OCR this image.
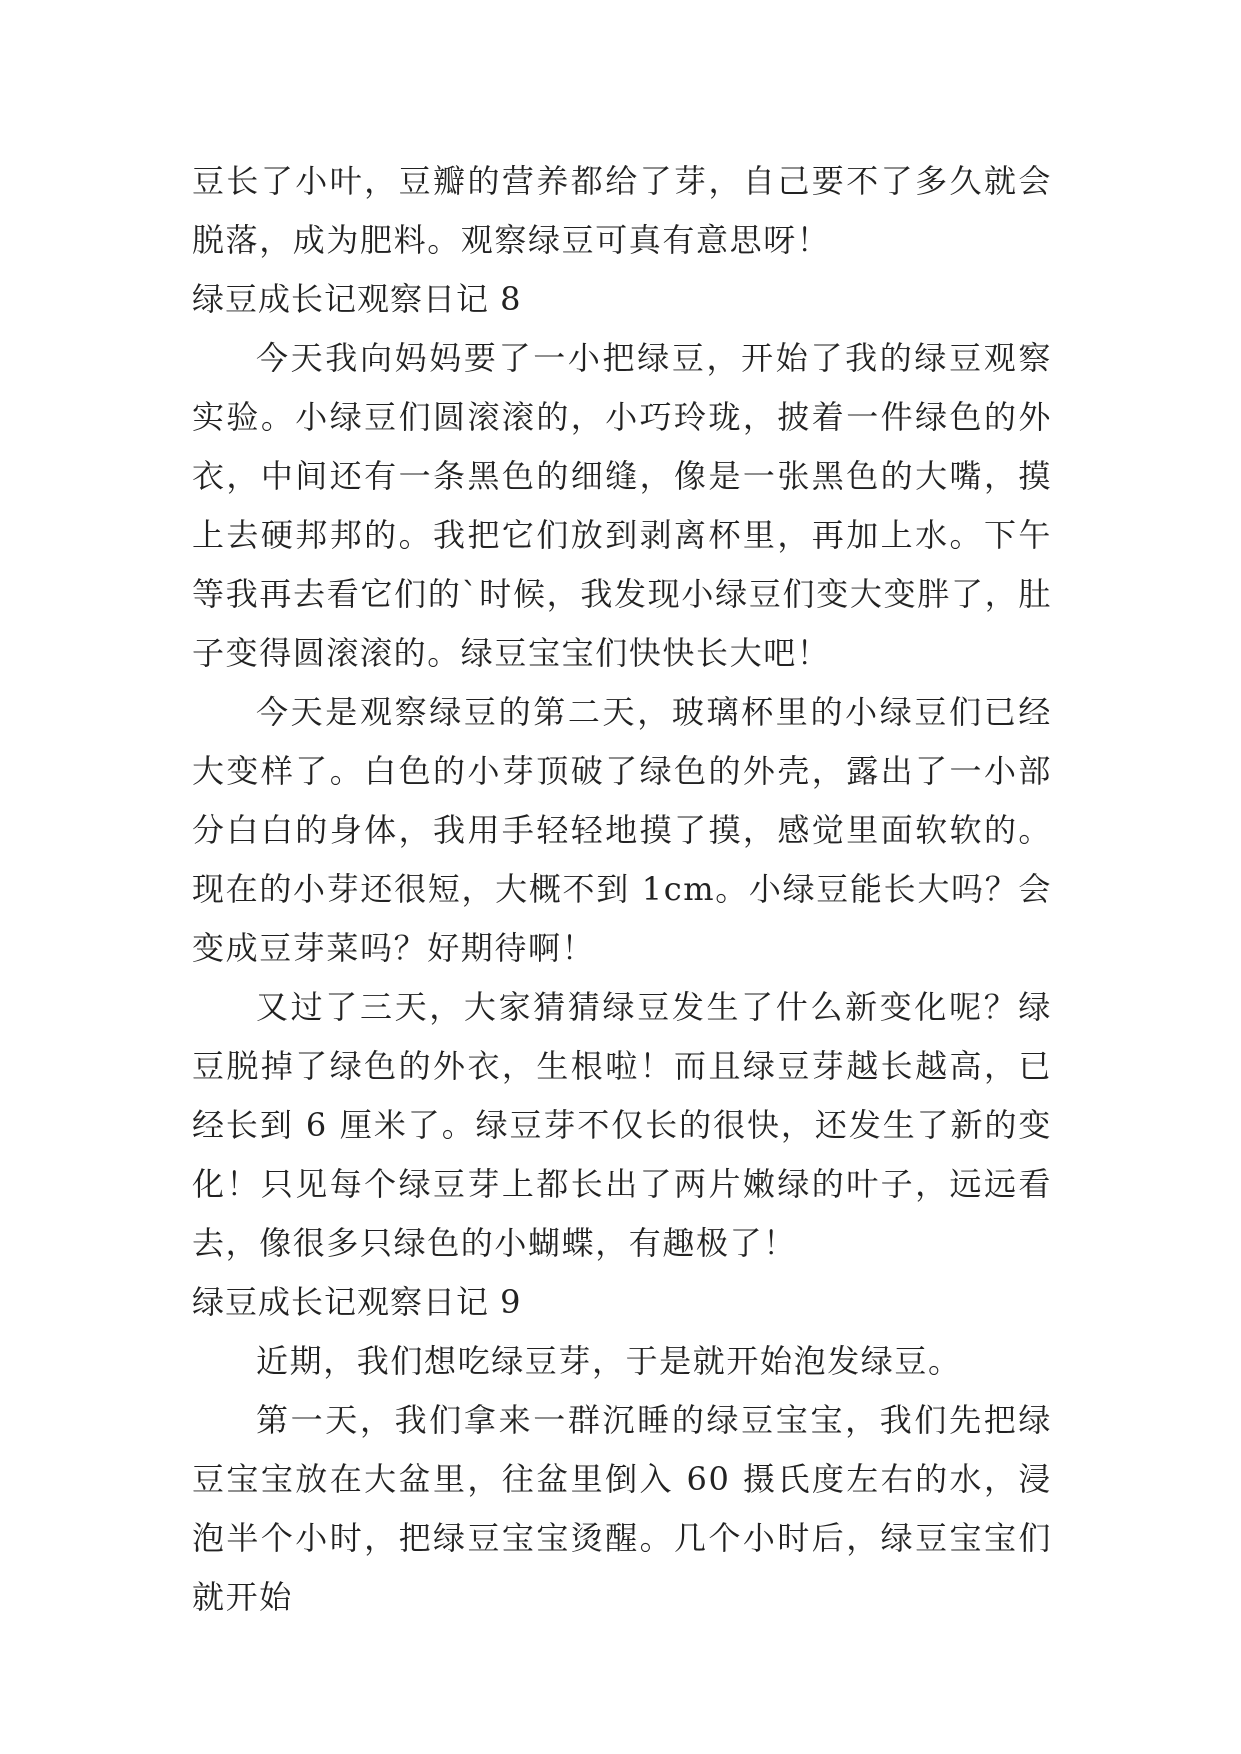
豆长了小叶，豆瓣的营养都给了芽，自己要不了多久就会脱落，成为肥料。观察绿豆可真有意思呀！

绿豆成长记观察日记 8

今天我向妈妈要了一小把绿豆，开始了我的绿豆观察实验。小绿豆们圆滚滚的，小巧玲珑，披着一件绿色的外衣，中间还有一条黑色的细缝，像是一张黑色的大嘴，摸上去硬邦邦的。我把它们放到剥离杯里，再加上水。下午等我再去看它们的`时候，我发现小绿豆们变大变胖了，肚子变得圆滚滚的。绿豆宝宝们快快长大吧！

今天是观察绿豆的第二天，玻璃杯里的小绿豆们已经大变样了。白色的小芽顶破了绿色的外壳，露出了一小部分白白的身体，我用手轻轻地摸了摸，感觉里面软软的。现在的小芽还很短，大概不到 1cm。小绿豆能长大吗？会变成豆芽菜吗？好期待啊！

又过了三天，大家猜猜绿豆发生了什么新变化呢？绿豆脱掉了绿色的外衣，生根啦！而且绿豆芽越长越高，已经长到 6 厘米了。绿豆芽不仅长的很快，还发生了新的变化！只见每个绿豆芽上都长出了两片嫩绿的叶子，远远看去，像很多只绿色的小蝴蝶，有趣极了！

绿豆成长记观察日记 9

近期，我们想吃绿豆芽，于是就开始泡发绿豆。

第一天，我们拿来一群沉睡的绿豆宝宝，我们先把绿豆宝宝放在大盆里，往盆里倒入 60 摄氏度左右的水，浸泡半个小时，把绿豆宝宝烫醒。几个小时后，绿豆宝宝们就开始
